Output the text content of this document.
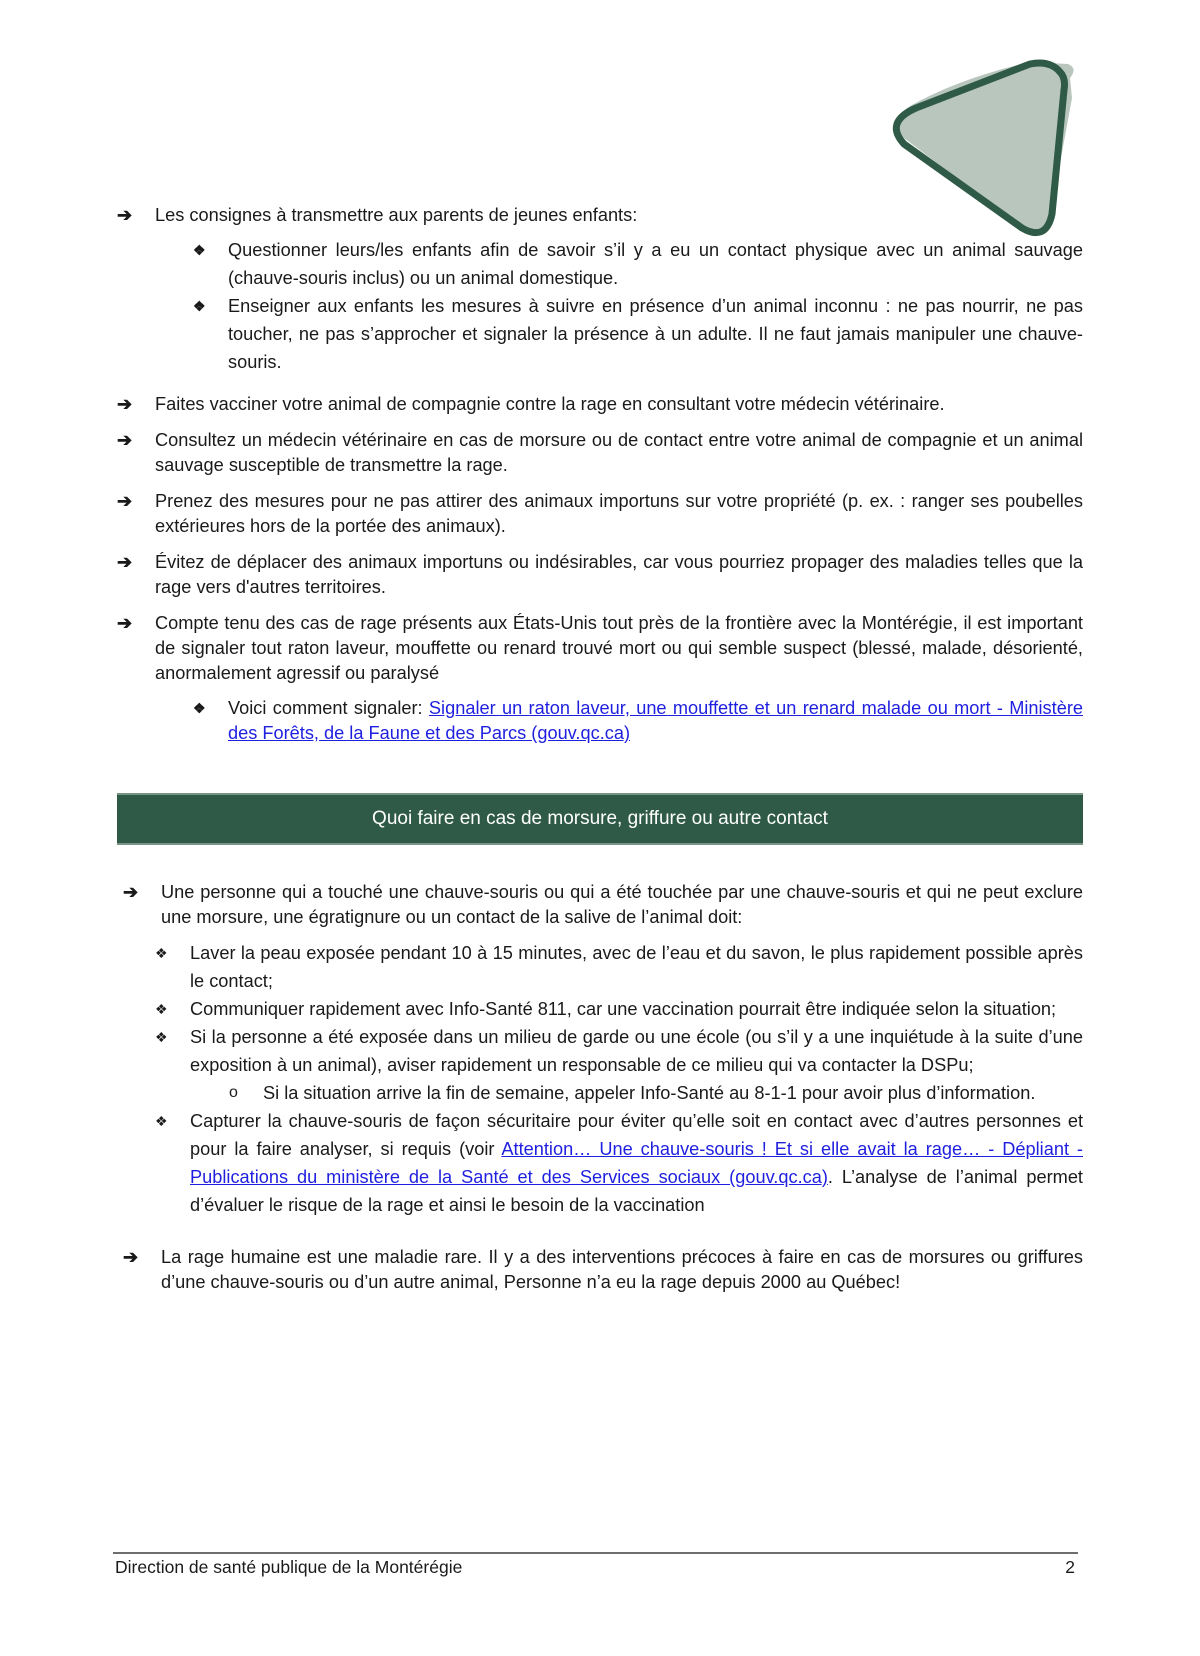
➔ Les consignes à transmettre aux parents de jeunes enfants:
❖ Questionner leurs/les enfants afin de savoir s’il y a eu un contact physique avec un animal sauvage (chauve-souris inclus) ou un animal domestique.
❖ Enseigner aux enfants les mesures à suivre en présence d’un animal inconnu : ne pas nourrir, ne pas toucher, ne pas s’approcher et signaler la présence à un adulte. Il ne faut jamais manipuler une chauve-souris.
➔ Faites vacciner votre animal de compagnie contre la rage en consultant votre médecin vétérinaire.
➔ Consultez un médecin vétérinaire en cas de morsure ou de contact entre votre animal de compagnie et un animal sauvage susceptible de transmettre la rage.
➔ Prenez des mesures pour ne pas attirer des animaux importuns sur votre propriété (p. ex. : ranger ses poubelles extérieures hors de la portée des animaux).
➔ Évitez de déplacer des animaux importuns ou indésirables, car vous pourriez propager des maladies telles que la rage vers d'autres territoires.
➔ Compte tenu des cas de rage présents aux États-Unis tout près de la frontière avec la Montérégie, il est important de signaler tout raton laveur, mouffette ou renard trouvé mort ou qui semble suspect (blessé, malade, désorienté, anormalement agressif ou paralysé
❖ Voici comment signaler: Signaler un raton laveur, une mouffette et un renard malade ou mort - Ministère des Forêts, de la Faune et des Parcs (gouv.qc.ca)
Quoi faire en cas de morsure, griffure ou autre contact
➔ Une personne qui a touché une chauve-souris ou qui a été touchée par une chauve-souris et qui ne peut exclure une morsure, une égratignure ou un contact de la salive de l’animal doit:
❖ Laver la peau exposée pendant 10 à 15 minutes, avec de l’eau et du savon, le plus rapidement possible après le contact;
❖ Communiquer rapidement avec Info-Santé 811, car une vaccination pourrait être indiquée selon la situation;
❖ Si la personne a été exposée dans un milieu de garde ou une école (ou s’il y a une inquiétude à la suite d’une exposition à un animal), aviser rapidement un responsable de ce milieu qui va contacter la DSPu;
o Si la situation arrive la fin de semaine, appeler Info-Santé au 8-1-1 pour avoir plus d’information.
❖ Capturer la chauve-souris de façon sécuritaire pour éviter qu’elle soit en contact avec d’autres personnes et pour la faire analyser, si requis (voir Attention… Une chauve-souris ! Et si elle avait la rage… - Dépliant - Publications du ministère de la Santé et des Services sociaux (gouv.qc.ca). L’analyse de l’animal permet d’évaluer le risque de la rage et ainsi le besoin de la vaccination
➔ La rage humaine est une maladie rare. Il y a des interventions précoces à faire en cas de morsures ou griffures d’une chauve-souris ou d’un autre animal, Personne n’a eu la rage depuis 2000 au Québec!
Direction de santé publique de la Montérégie	2
